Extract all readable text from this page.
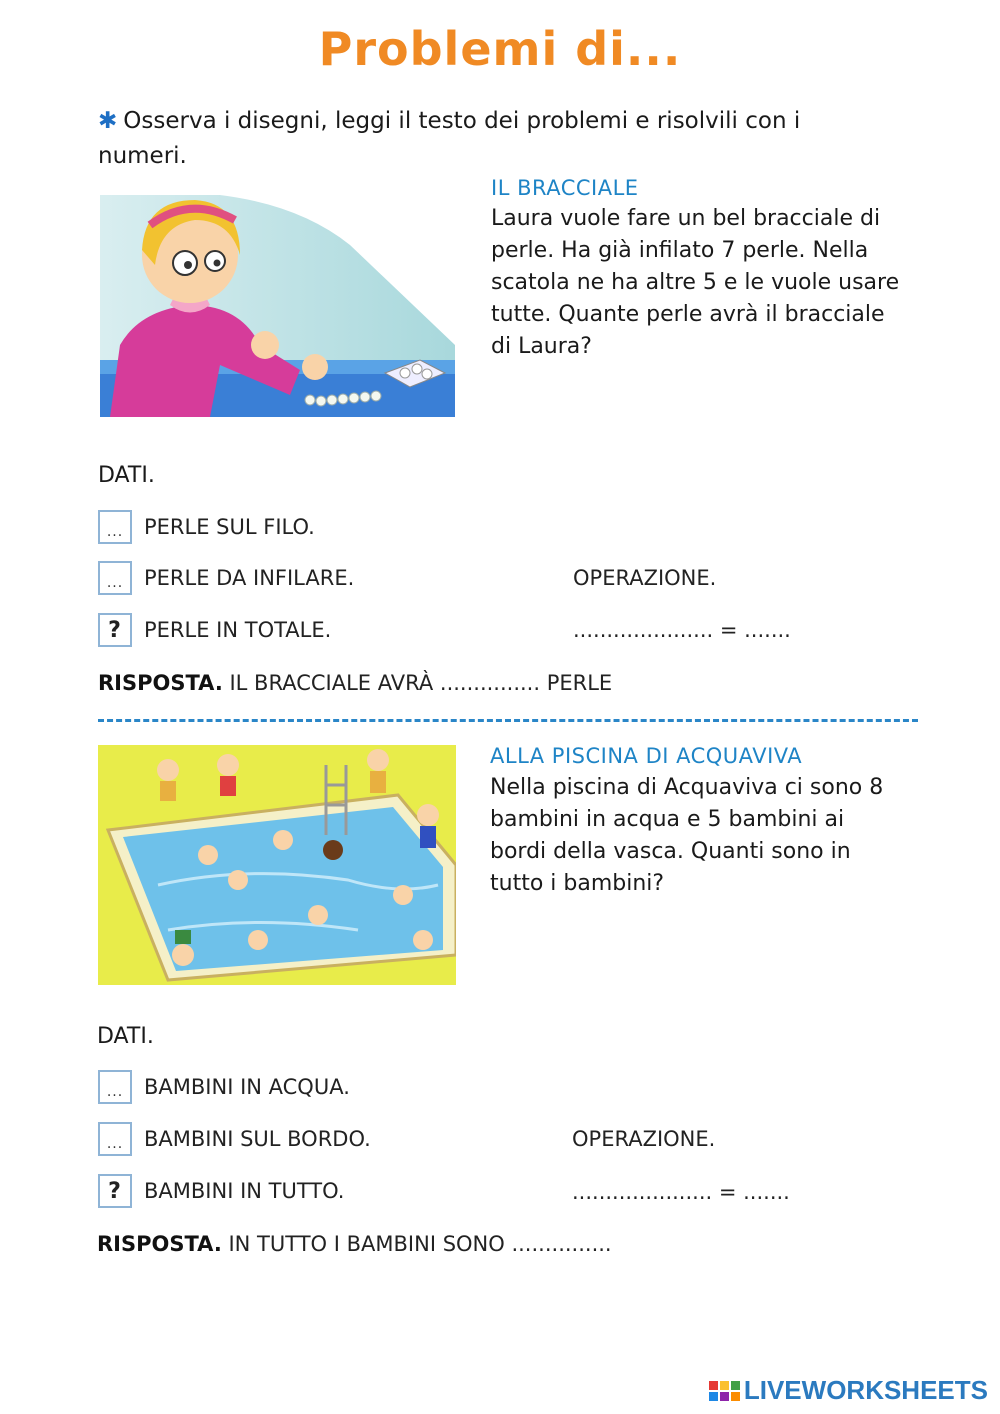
Problemi di...
✱ Osserva i disegni, leggi il testo dei problemi e risolvili con i numeri.
IL BRACCIALE
Laura vuole fare un bel bracciale di perle. Ha già infilato 7 perle. Nella scatola ne ha altre 5 e le vuole usare tutte. Quante perle avrà il bracciale di Laura?
DATI.
... PERLE SUL FILO.
... PERLE DA INFILARE.
?	PERLE IN TOTALE.
OPERAZIONE.
..................... = .......
RISPOSTA. IL BRACCIALE AVRÀ ............... PERLE
ALLA PISCINA DI ACQUAVIVA
Nella piscina di Acquaviva ci sono 8 bambini in acqua e 5 bambini ai bordi della vasca. Quanti sono in tutto i bambini?
DATI.
... BAMBINI IN ACQUA.
... BAMBINI SUL BORDO.
?	BAMBINI IN TUTTO.
OPERAZIONE.
..................... = .......
RISPOSTA. IN TUTTO I BAMBINI SONO ...............
LIVEWORKSHEETS
